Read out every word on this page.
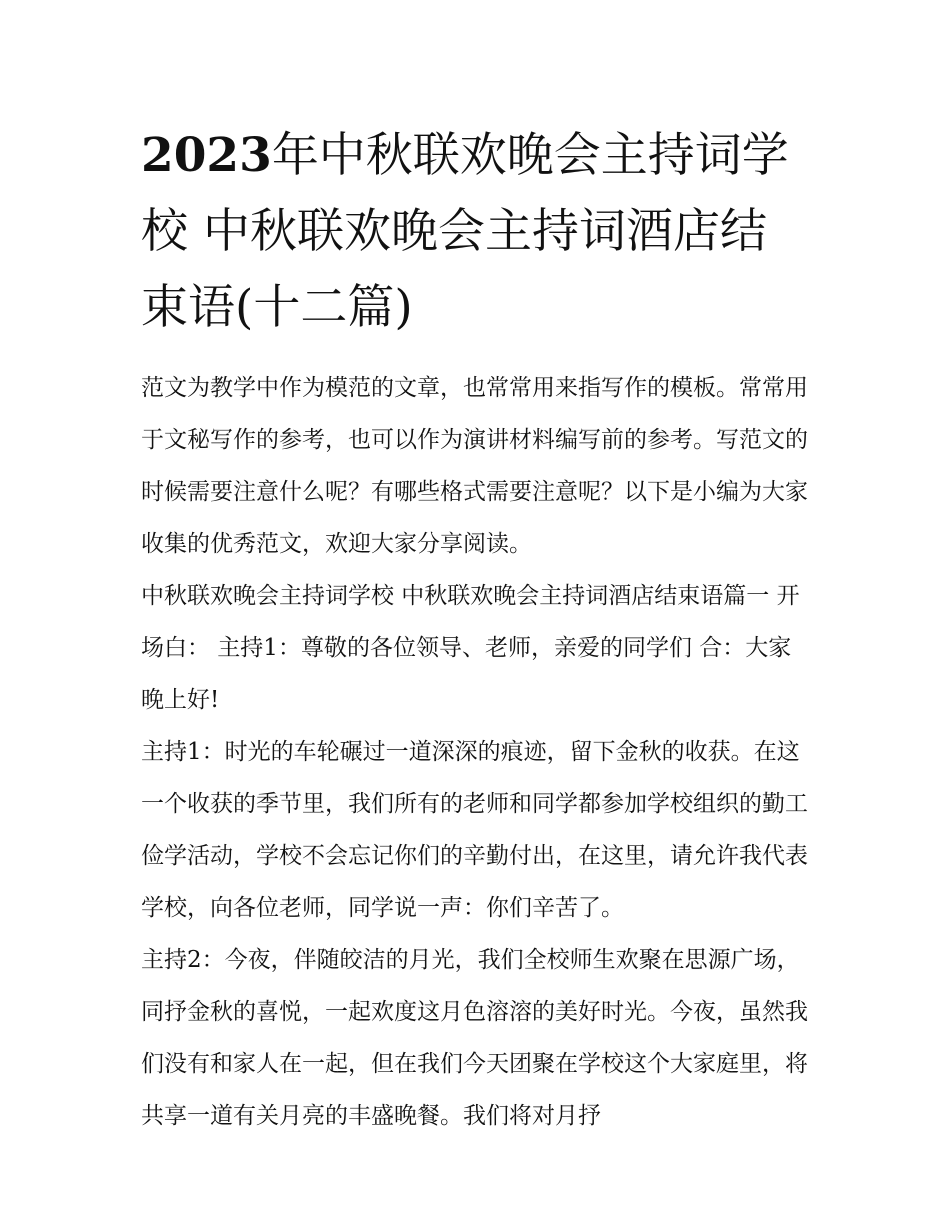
2023年中秋联欢晚会主持词学校 中秋联欢晚会主持词酒店结束语(十二篇)

范文为教学中作为模范的文章，也常常用来指写作的模板。常常用于文秘写作的参考，也可以作为演讲材料编写前的参考。写范文的时候需要注意什么呢？有哪些格式需要注意呢？以下是小编为大家收集的优秀范文，欢迎大家分享阅读。

中秋联欢晚会主持词学校 中秋联欢晚会主持词酒店结束语篇一 开场白： 主持1：尊敬的各位领导、老师，亲爱的同学们 合：大家晚上好!

主持1：时光的车轮碾过一道深深的痕迹，留下金秋的收获。在这一个收获的季节里，我们所有的老师和同学都参加学校组织的勤工俭学活动，学校不会忘记你们的辛勤付出，在这里，请允许我代表学校，向各位老师，同学说一声：你们辛苦了。

主持2：今夜，伴随皎洁的月光，我们全校师生欢聚在思源广场，同抒金秋的喜悦，一起欢度这月色溶溶的美好时光。今夜，虽然我们没有和家人在一起，但在我们今天团聚在学校这个大家庭里，将共享一道有关月亮的丰盛晚餐。我们将对月抒
